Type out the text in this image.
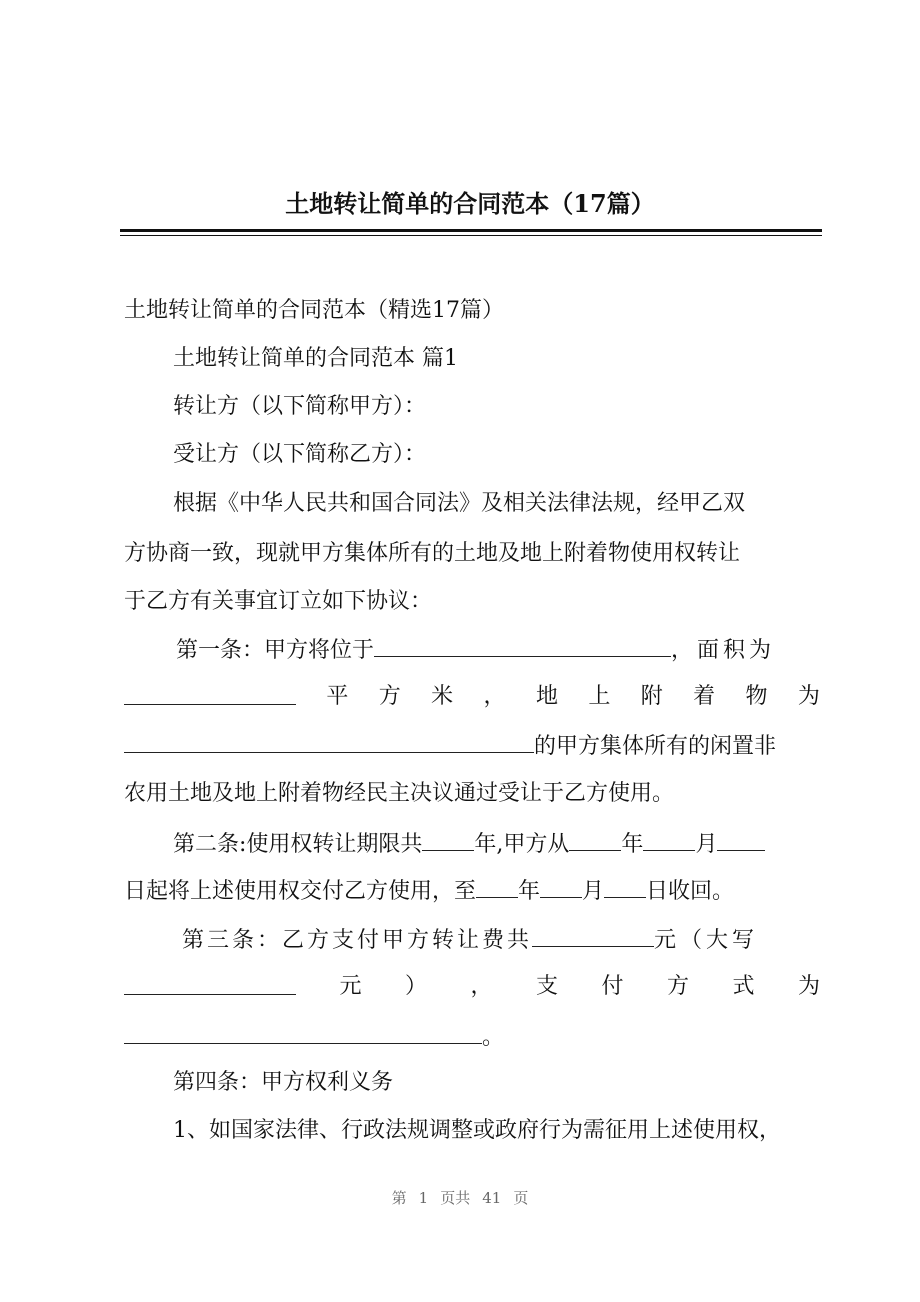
土地转让简单的合同范本（17篇）
土地转让简单的合同范本（精选17篇）
土地转让简单的合同范本 篇1
转让方（以下简称甲方）：
受让方（以下简称乙方）：
根据《中华人民共和国合同法》及相关法律法规，经甲乙双
方协商一致，现就甲方集体所有的土地及地上附着物使用权转让
于乙方有关事宜订立如下协议：
第一条：甲方将位于	，面积为
平 方 米 ， 地 上 附 着 物 为
的甲方集体所有的闲置非
农用土地及地上附着物经民主决议通过受让于乙方使用。
第二条:使用权转让期限共 年,甲方从 年 月
日起将上述使用权交付乙方使用，至 年 月 日收回。
第三条：乙方支付甲方转让费共	元（大写
元 ） ， 支 付 方 式 为
。
第四条：甲方权利义务
1、如国家法律、行政法规调整或政府行为需征用上述使用权，
第 1 页共 41 页
